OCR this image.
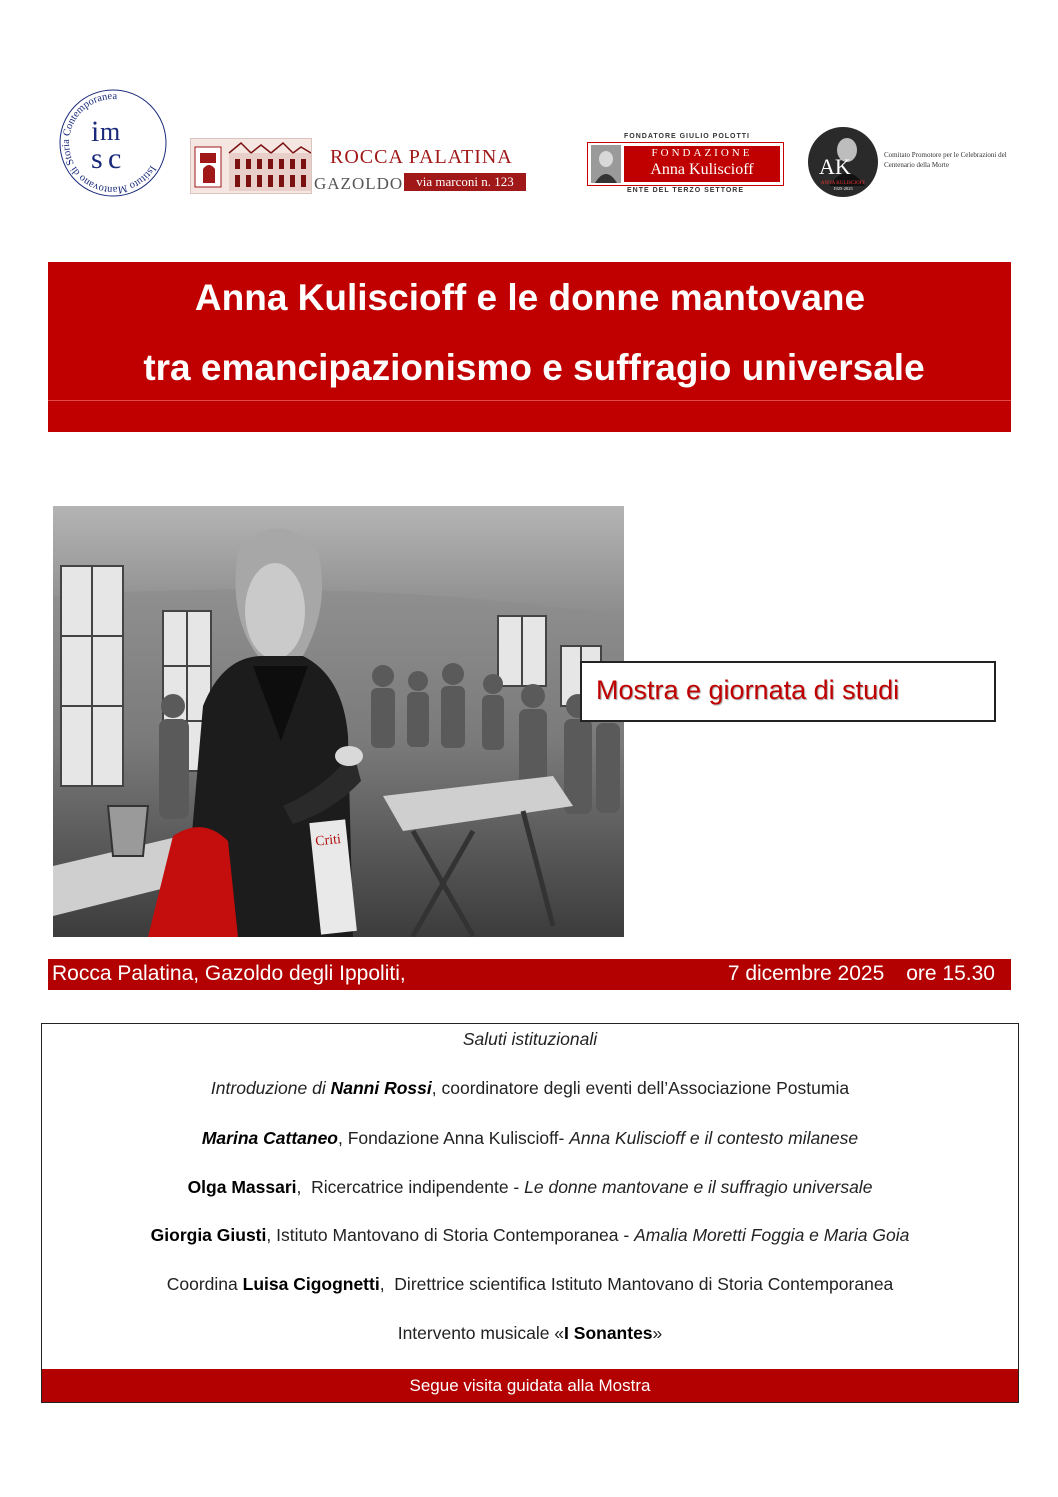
Istituto Mantovano di Storia Contemporanea
i m
s c	ROCCA PALATINA
GAZOLDO	via marconi n. 123
FONDATORE GIULIO POLOTTI
FONDAZIONE
Anna Kuliscioff
ENTE DEL TERZO SETTORE
AK
ANNA KULISCIOFF
1925-2025
Comitato Promotore per le Celebrazioni del Centenario della Morte
Anna Kuliscioff e le donne mantovane
tra emancipazionismo e suffragio universale
Criti
Mostra e giornata di studi
Rocca Palatina, Gazoldo degli Ippoliti,	7 dicembre 2025 ore 15.30
Saluti istituzionali
Introduzione di Nanni Rossi, coordinatore degli eventi dell’Associazione Postumia
Marina Cattaneo, Fondazione Anna Kuliscioff- Anna Kuliscioff e il contesto milanese
Olga Massari,  Ricercatrice indipendente - Le donne mantovane e il suffragio universale
Giorgia Giusti, Istituto Mantovano di Storia Contemporanea - Amalia Moretti Foggia e Maria Goia
Coordina Luisa Cigognetti,  Direttrice scientifica Istituto Mantovano di Storia Contemporanea
Intervento musicale «I Sonantes»
Segue visita guidata alla Mostra
